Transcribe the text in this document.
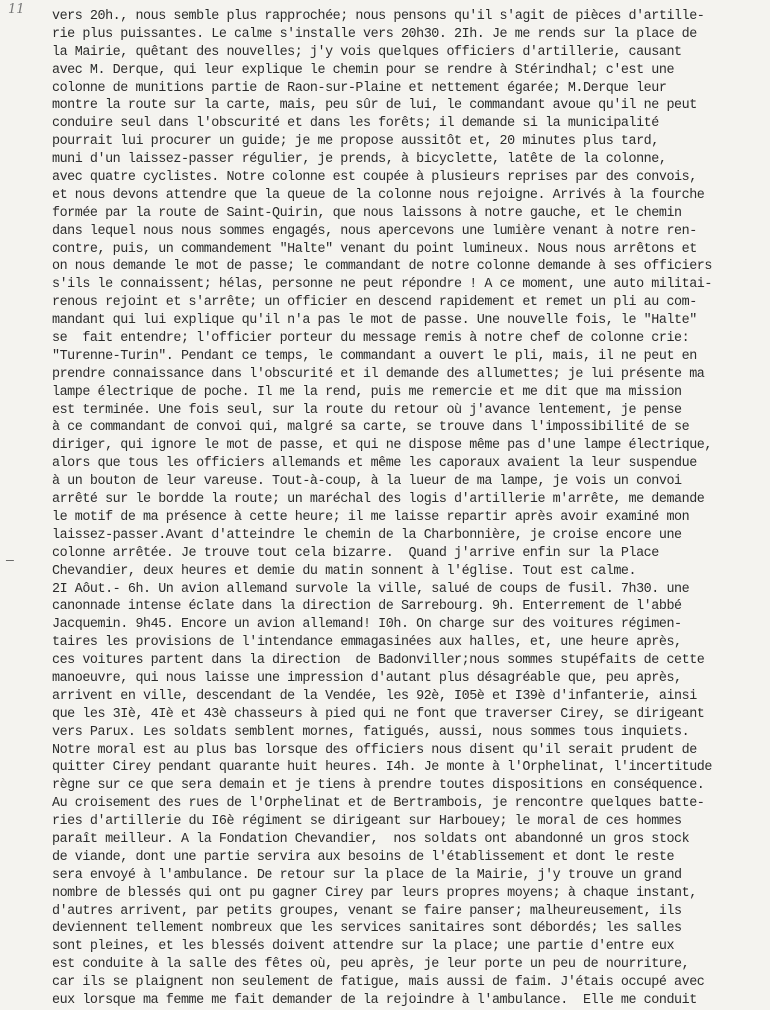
11
—
vers 20h., nous semble plus rapprochée; nous pensons qu'il s'agit de pièces d'artille-
rie plus puissantes. Le calme s'installe vers 20h30. 2Ih. Je me rends sur la place de
la Mairie, quêtant des nouvelles; j'y vois quelques officiers d'artillerie, causant
avec M. Derque, qui leur explique le chemin pour se rendre à Stérindhal; c'est une
colonne de munitions partie de Raon-sur-Plaine et nettement égarée; M.Derque leur
montre la route sur la carte, mais, peu sûr de lui, le commandant avoue qu'il ne peut
conduire seul dans l'obscurité et dans les forêts; il demande si la municipalité
pourrait lui procurer un guide; je me propose aussitôt et, 20 minutes plus tard,
muni d'un laissez-passer régulier, je prends, à bicyclette, latête de la colonne,
avec quatre cyclistes. Notre colonne est coupée à plusieurs reprises par des convois,
et nous devons attendre que la queue de la colonne nous rejoigne. Arrivés à la fourche
formée par la route de Saint-Quirin, que nous laissons à notre gauche, et le chemin
dans lequel nous nous sommes engagés, nous apercevons une lumière venant à notre ren-
contre, puis, un commandement "Halte" venant du point lumineux. Nous nous arrêtons et
on nous demande le mot de passe; le commandant de notre colonne demande à ses officiers
s'ils le connaissent; hélas, personne ne peut répondre ! A ce moment, une auto militai-
renous rejoint et s'arrête; un officier en descend rapidement et remet un pli au com-
mandant qui lui explique qu'il n'a pas le mot de passe. Une nouvelle fois, le "Halte"
se  fait entendre; l'officier porteur du message remis à notre chef de colonne crie:
"Turenne-Turin". Pendant ce temps, le commandant a ouvert le pli, mais, il ne peut en
prendre connaissance dans l'obscurité et il demande des allumettes; je lui présente ma
lampe électrique de poche. Il me la rend, puis me remercie et me dit que ma mission
est terminée. Une fois seul, sur la route du retour où j'avance lentement, je pense
à ce commandant de convoi qui, malgré sa carte, se trouve dans l'impossibilité de se
diriger, qui ignore le mot de passe, et qui ne dispose même pas d'une lampe électrique,
alors que tous les officiers allemands et même les caporaux avaient la leur suspendue
à un bouton de leur vareuse. Tout-à-coup, à la lueur de ma lampe, je vois un convoi
arrêté sur le bordde la route; un maréchal des logis d'artillerie m'arrête, me demande
le motif de ma présence à cette heure; il me laisse repartir après avoir examiné mon
laissez-passer.Avant d'atteindre le chemin de la Charbonnière, je croise encore une
colonne arrêtée. Je trouve tout cela bizarre.  Quand j'arrive enfin sur la Place
Chevandier, deux heures et demie du matin sonnent à l'église. Tout est calme.
2I Aôut.- 6h. Un avion allemand survole la ville, salué de coups de fusil. 7h30. une
canonnade intense éclate dans la direction de Sarrebourg. 9h. Enterrement de l'abbé
Jacquemin. 9h45. Encore un avion allemand! I0h. On charge sur des voitures régimen-
taires les provisions de l'intendance emmagasinées aux halles, et, une heure après,
ces voitures partent dans la direction  de Badonviller;nous sommes stupéfaits de cette
manoeuvre, qui nous laisse une impression d'autant plus désagréable que, peu après,
arrivent en ville, descendant de la Vendée, les 92è, I05è et I39è d'infanterie, ainsi
que les 3Iè, 4Iè et 43è chasseurs à pied qui ne font que traverser Cirey, se dirigeant
vers Parux. Les soldats semblent mornes, fatigués, aussi, nous sommes tous inquiets.
Notre moral est au plus bas lorsque des officiers nous disent qu'il serait prudent de
quitter Cirey pendant quarante huit heures. I4h. Je monte à l'Orphelinat, l'incertitude
règne sur ce que sera demain et je tiens à prendre toutes dispositions en conséquence.
Au croisement des rues de l'Orphelinat et de Bertrambois, je rencontre quelques batte-
ries d'artillerie du I6è régiment se dirigeant sur Harbouey; le moral de ces hommes
paraît meilleur. A la Fondation Chevandier,  nos soldats ont abandonné un gros stock
de viande, dont une partie servira aux besoins de l'établissement et dont le reste
sera envoyé à l'ambulance. De retour sur la place de la Mairie, j'y trouve un grand
nombre de blessés qui ont pu gagner Cirey par leurs propres moyens; à chaque instant,
d'autres arrivent, par petits groupes, venant se faire panser; malheureusement, ils
deviennent tellement nombreux que les services sanitaires sont débordés; les salles
sont pleines, et les blessés doivent attendre sur la place; une partie d'entre eux
est conduite à la salle des fêtes où, peu après, je leur porte un peu de nourriture,
car ils se plaignent non seulement de fatigue, mais aussi de faim. J'étais occupé avec
eux lorsque ma femme me fait demander de la rejoindre à l'ambulance.  Elle me conduit
